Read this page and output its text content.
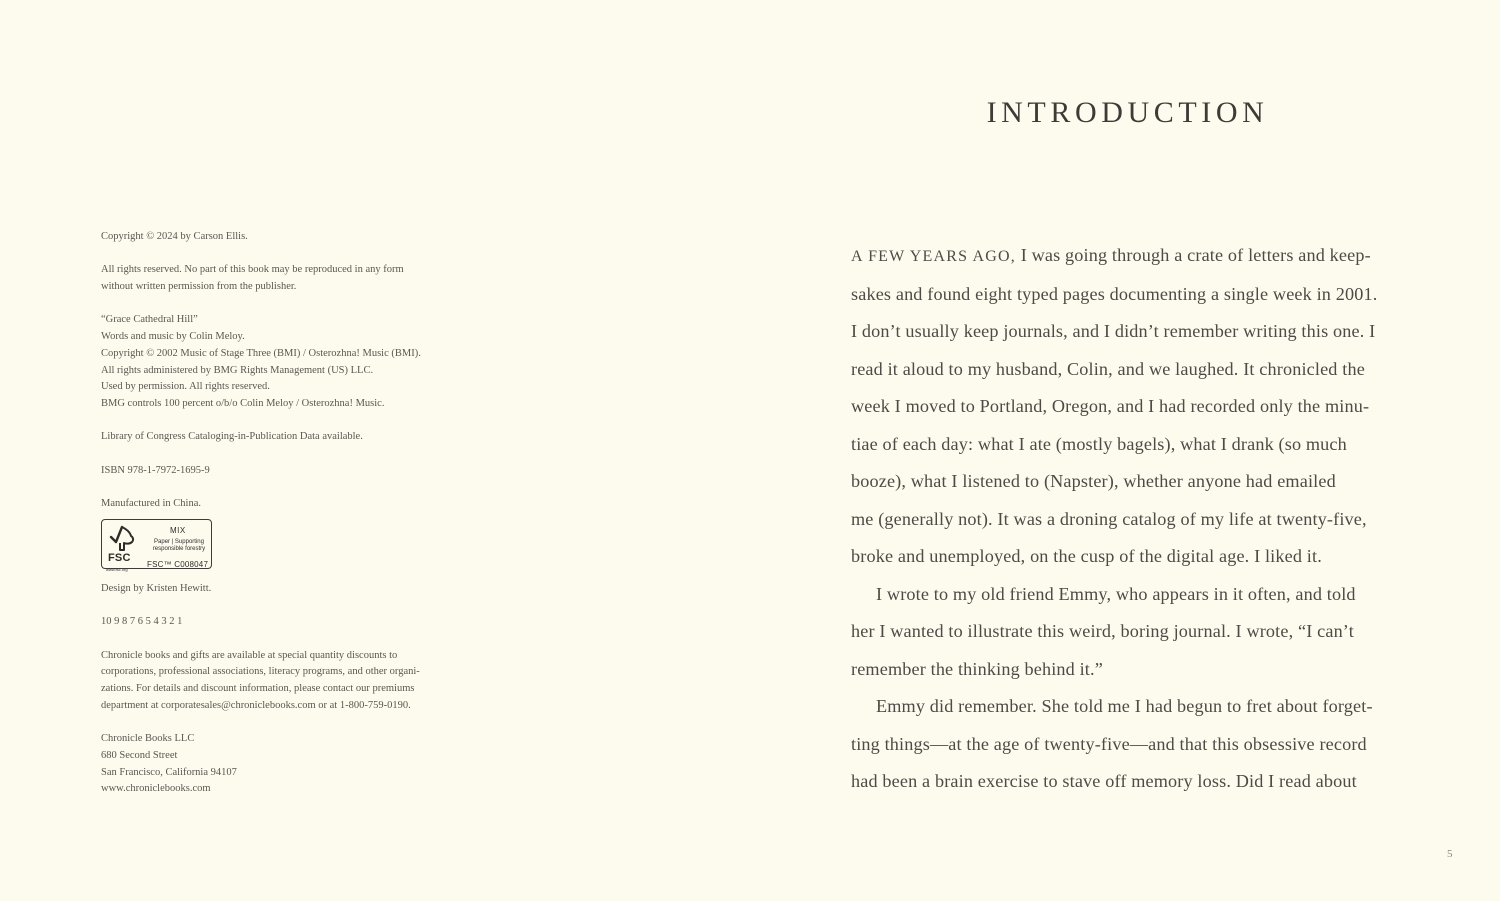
Copyright © 2024 by Carson Ellis.
All rights reserved. No part of this book may be reproduced in any form
without written permission from the publisher.
“Grace Cathedral Hill”
Words and music by Colin Meloy.
Copyright © 2002 Music of Stage Three (BMI) / Osterozhna! Music (BMI).
All rights administered by BMG Rights Management (US) LLC.
Used by permission. All rights reserved.
BMG controls 100 percent o/b/o Colin Meloy / Osterozhna! Music.
Library of Congress Cataloging-in-Publication Data available.
ISBN 978-1-7972-1695-9
Manufactured in China.
FSC
www.fsc.org
MIX
Paper | Supporting
responsible forestry
FSC™ C008047
Design by Kristen Hewitt.
10 9 8 7 6 5 4 3 2 1
Chronicle books and gifts are available at special quantity discounts to
corporations, professional associations, literacy programs, and other organi-
zations. For details and discount information, please contact our premiums
department at corporatesales@chroniclebooks.com or at 1-800-759-0190.
Chronicle Books LLC
680 Second Street
San Francisco, California 94107
www.chroniclebooks.com
INTRODUCTION
A FEW YEARS AGO, I was going through a crate of letters and keep-
sakes and found eight typed pages documenting a single week in 2001.
I don’t usually keep journals, and I didn’t remember writing this one. I
read it aloud to my husband, Colin, and we laughed. It chronicled the
week I moved to Portland, Oregon, and I had recorded only the minu-
tiae of each day: what I ate (mostly bagels), what I drank (so much
booze), what I listened to (Napster), whether anyone had emailed
me (generally not). It was a droning catalog of my life at twenty-five,
broke and unemployed, on the cusp of the digital age. I liked it.
I wrote to my old friend Emmy, who appears in it often, and told
her I wanted to illustrate this weird, boring journal. I wrote, “I can’t
remember the thinking behind it.”
Emmy did remember. She told me I had begun to fret about forget-
ting things—at the age of twenty-five—and that this obsessive record
had been a brain exercise to stave off memory loss. Did I read about
5
